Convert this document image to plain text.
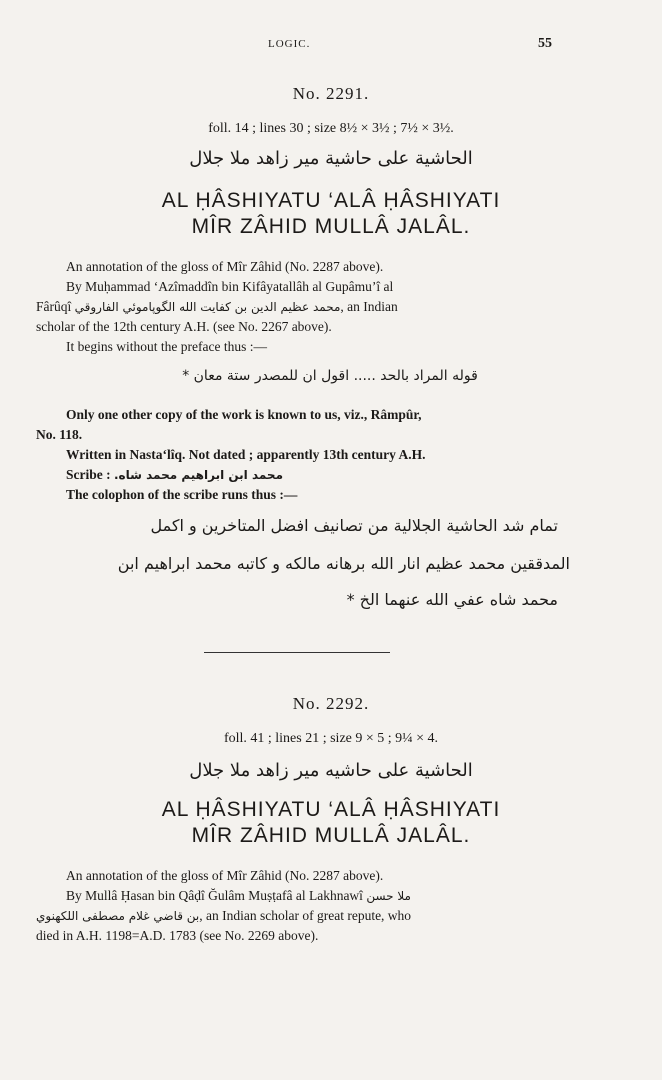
LOGIC.	55
No. 2291.
foll. 14 ; lines 30 ; size 8½ × 3½ ; 7½ × 3½.
الحاشية على حاشية مير زاهد ملا جلال
AL ḤÂSHIYATU ‘ALÂ ḤÂSHIYATI
MÎR ZÂHID MULLÂ JALÂL.
An annotation of the gloss of Mîr Zâhid (No. 2287 above).
By Muḥammad ‘Azîmaddîn bin Kifâyatallâh al Gupâmu’î al
Fârûqî محمد عظيم الدين بن كفايت الله الگوپاموئي الفاروقي, an Indian
scholar of the 12th century A.H. (see No. 2267 above).
It begins without the preface thus :—
قوله المراد بالحد ..... اقول ان للمصدر ستة معان *
Only one other copy of the work is known to us, viz., Râmpûr,
No. 118.
Written in Nasta‘lîq. Not dated ; apparently 13th century A.H.
Scribe : محمد ابن ابراهيم محمد شاه.
The colophon of the scribe runs thus :—
تمام شد الحاشية الجلالية من تصانيف افضل المتاخرين و اكمل
المدققين محمد عظيم انار الله برهانه مالكه و كاتبه محمد ابراهيم ابن
محمد شاه عفي الله عنهما الخ *
No. 2292.
foll. 41 ; lines 21 ; size 9 × 5 ; 9¼ × 4.
الحاشية على حاشيه مير زاهد ملا جلال
AL ḤÂSHIYATU ‘ALÂ ḤÂSHIYATI
MÎR ZÂHID MULLÂ JALÂL.
An annotation of the gloss of Mîr Zâhid (No. 2287 above).
By Mullâ Ḥasan bin Qâḍî Ğulâm Muṣṭafâ al Lakhnawî ملا حسن
بن قاضي غلام مصطفى اللكهنوي, an Indian scholar of great repute, who
died in A.H. 1198=A.D. 1783 (see No. 2269 above).
